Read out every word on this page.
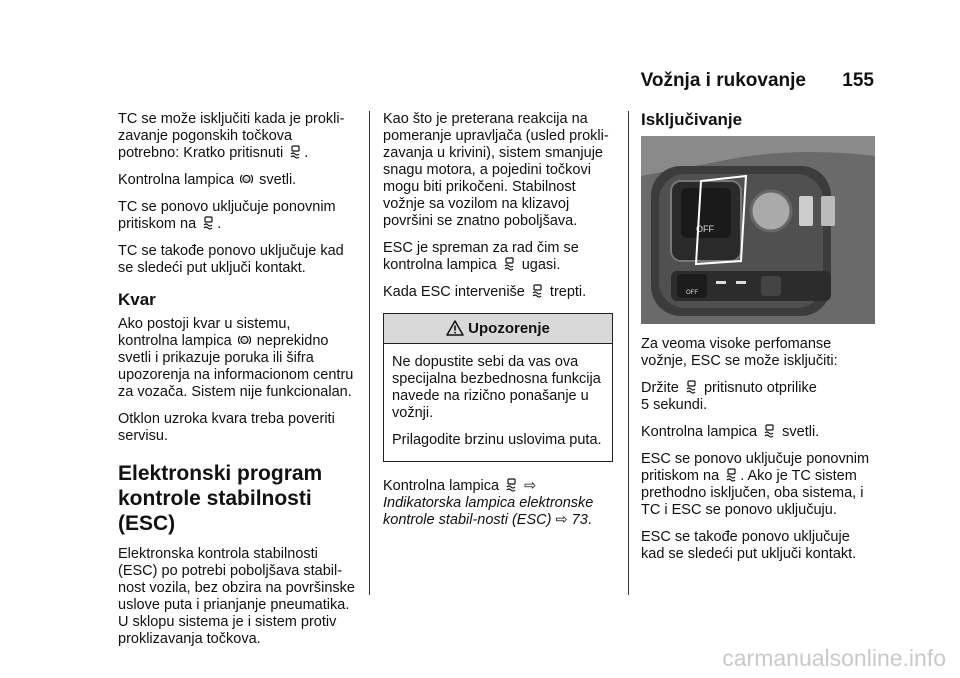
Vožnja i rukovanje 155

TC se može isključiti kada je prokli-zavanje pogonskih točkova
potrebno: Kratko pritisnuti .

Kontrolna lampica svetli.

TC se ponovo uključuje ponovnim
pritiskom na .

TC se takođe ponovo uključuje kad se sledeći put uključi kontakt.

Kvar

Ako postoji kvar u sistemu,
kontrolna lampica neprekidno svetli i prikazuje poruka ili šifra upozorenja na informacionom centru za vozača. Sistem nije funkcionalan.

Otklon uzroka kvara treba poveriti servisu.

Elektronski program kontrole stabilnosti (ESC)

Elektronska kontrola stabilnosti (ESC) po potrebi poboljšava stabil-nost vozila, bez obzira na površinske uslove puta i prianjanje pneumatika. U sklopu sistema je i sistem protiv proklizavanja točkova.

Kao što je preterana reakcija na pomeranje upravljača (usled prokli-zavanja u krivini), sistem smanjuje snagu motora, a pojedini točkovi mogu biti prikočeni. Stabilnost vožnje sa vozilom na klizavoj površini se znatno poboljšava.

ESC je spreman za rad čim se
kontrolna lampica ugasi.

Kada ESC interveniše trepti.

Upozorenje

Ne dopustite sebi da vas ova specijalna bezbednosna funkcija navede na rizično ponašanje u vožnji.

Prilagodite brzinu uslovima puta.

Kontrolna lampica ⇨ Indikatorska lampica elektronske kontrole stabil-nosti (ESC) ⇨ 73.

Isključivanje
OFF
OFF

Za veoma visoke perfomanse vožnje, ESC se može isključiti:

Držite pritisnuto otprilike
5 sekundi.

Kontrolna lampica svetli.

ESC se ponovo uključuje ponovnim
pritiskom na . Ako je TC sistem prethodno isključen, oba sistema, i TC i ESC se ponovo uključuju.

ESC se takođe ponovo uključuje kad se sledeći put uključi kontakt.

carmanualsonline.info
